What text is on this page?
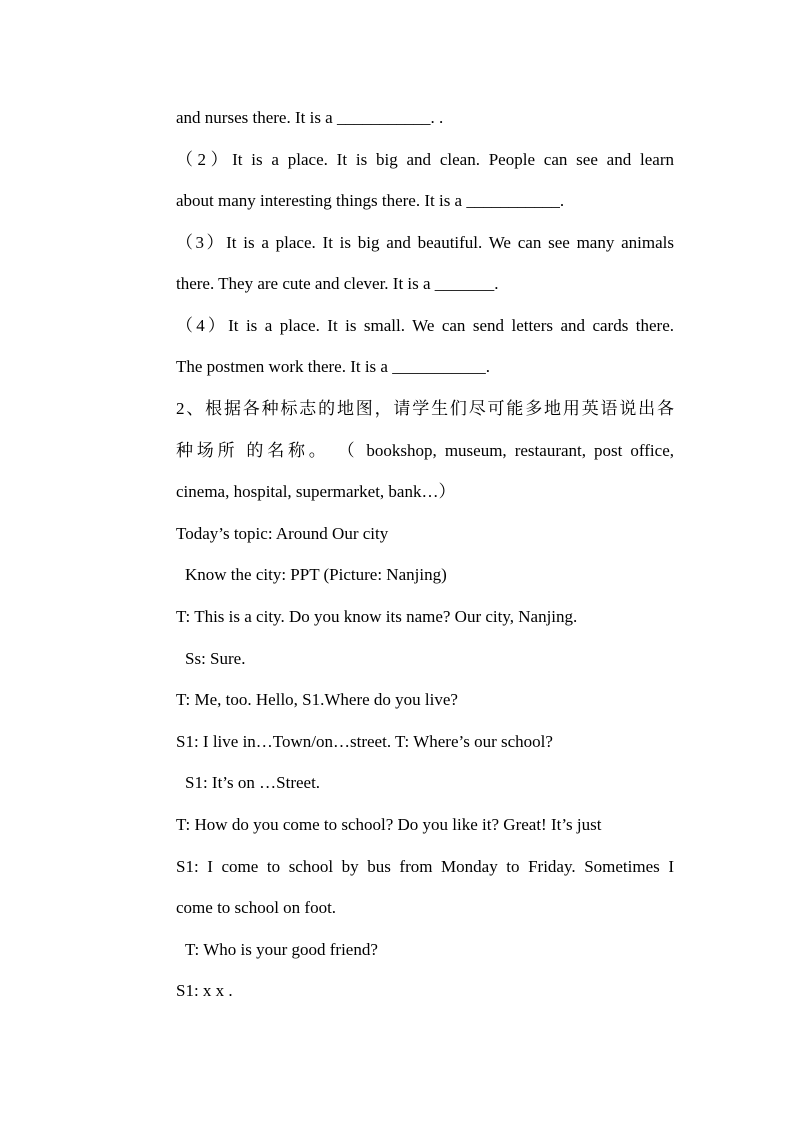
and nurses there. It is a ___________. .
（2）It is a place. It is big and clean. People can see and learn
about many interesting things there. It is a ___________.
（3）It is a place. It is big and beautiful. We can see many animals
there. They are cute and clever. It is a _______.
（4）It is a place. It is small. We can send letters and cards there.
The postmen work there. It is a ___________.
2、根据各种标志的地图，请学生们尽可能多地用英语说出各
种场所 的名称。 （ bookshop, museum, restaurant, post office,
cinema, hospital, supermarket, bank…）
Today’s topic: Around Our city
Know the city: PPT (Picture: Nanjing)
T: This is a city. Do you know its name? Our city, Nanjing.
Ss: Sure.
T: Me, too. Hello, S1.Where do you live?
S1: I live in…Town/on…street. T: Where’s our school?
S1: It’s on …Street.
T: How do you come to school? Do you like it? Great! It’s just
S1: I come to school by bus from Monday to Friday. Sometimes I
come to school on foot.
T: Who is your good friend?
S1: x x .
